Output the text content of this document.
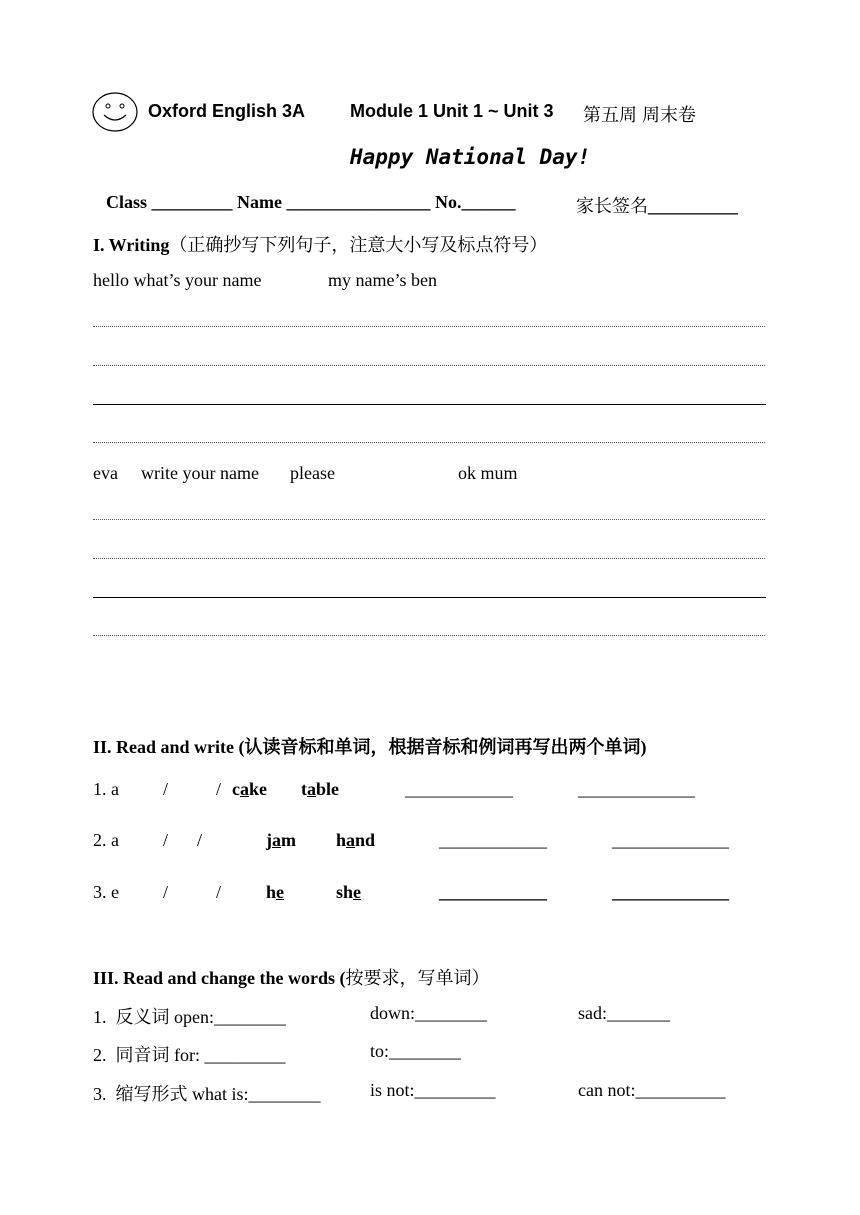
Oxford English 3A Module 1 Unit 1 ~ Unit 3 第五周 周末卷
Happy National Day!
Class _________ Name ________________ No.______	家长签名__________
I. Writing（正确抄写下列句子，注意大小写及标点符号）
hello what’s your name	my name’s ben
eva write your name please	ok mum
II. Read and write (认读音标和单词，根据音标和例词再写出两个单词)
1. a /	/ cake table	____________	_____________
2. a / /	jam hand	____________	_____________
3. e /	/ he	she	____________	_____________
III. Read and change the words (按要求，写单词）
1. 反义词 open:________	down:________	sad:_______
2. 同音词 for: _________	to:________
3. 缩写形式 what is:________	is not:_________	can not:__________
